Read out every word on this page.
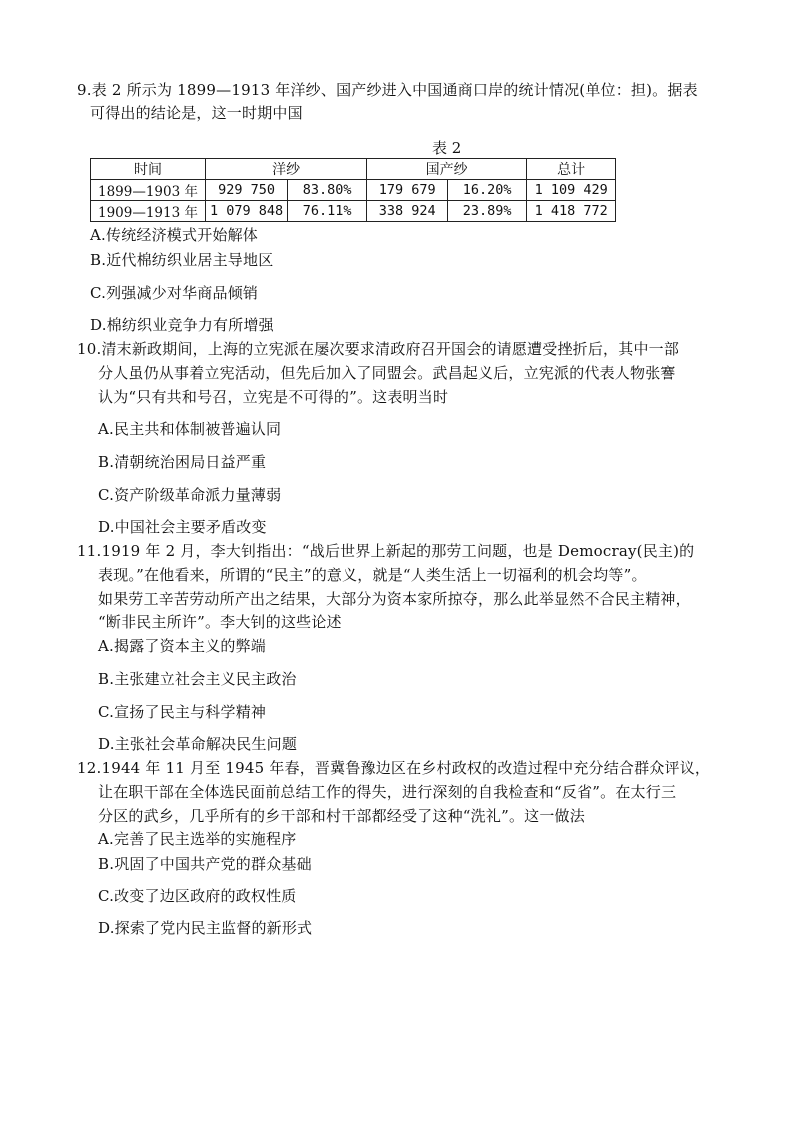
9.表 2 所示为 1899—1913 年洋纱、国产纱进入中国通商口岸的统计情况(单位：担)。据表
可得出的结论是，这一时期中国
表 2
时间	洋纱		国产纱		总计
1899—1903 年	929 750	83.80%	179 679	16.20%	1 109 429
1909—1913 年	1 079 848	76.11%	338 924	23.89%	1 418 772
A.传统经济模式开始解体
B.近代棉纺织业居主导地区
C.列强减少对华商品倾销
D.棉纺织业竞争力有所增强
10.清末新政期间，上海的立宪派在屡次要求清政府召开国会的请愿遭受挫折后，其中一部
分人虽仍从事着立宪活动，但先后加入了同盟会。武昌起义后，立宪派的代表人物张謇
认为“只有共和号召，立宪是不可得的”。这表明当时
A.民主共和体制被普遍认同
B.清朝统治困局日益严重
C.资产阶级革命派力量薄弱
D.中国社会主要矛盾改变
11.1919 年 2 月，李大钊指出：“战后世界上新起的那劳工问题，也是 Democray(民主)的
表现。”在他看来，所谓的“民主”的意义，就是“人类生活上一切福利的机会均等”。
如果劳工辛苦劳动所产出之结果，大部分为资本家所掠夺，那么此举显然不合民主精神，
“断非民主所许”。李大钊的这些论述
A.揭露了资本主义的弊端
B.主张建立社会主义民主政治
C.宣扬了民主与科学精神
D.主张社会革命解决民生问题
12.1944 年 11 月至 1945 年春，晋冀鲁豫边区在乡村政权的改造过程中充分结合群众评议，
让在职干部在全体选民面前总结工作的得失，进行深刻的自我检查和“反省”。在太行三
分区的武乡，几乎所有的乡干部和村干部都经受了这种“洗礼”。这一做法
A.完善了民主选举的实施程序
B.巩固了中国共产党的群众基础
C.改变了边区政府的政权性质
D.探索了党内民主监督的新形式
